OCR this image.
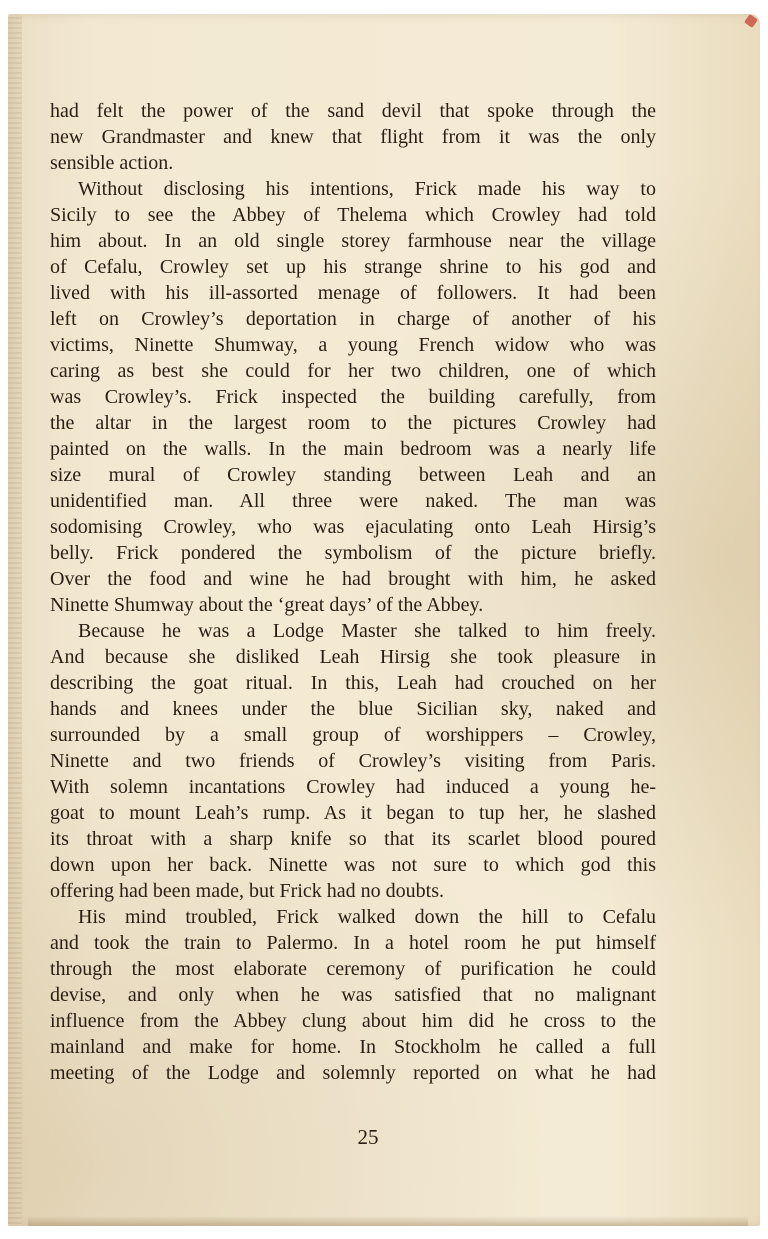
had felt the power of the sand devil that spoke through the
new Grandmaster and knew that flight from it was the only
sensible action.
Without disclosing his intentions, Frick made his way to
Sicily to see the Abbey of Thelema which Crowley had told
him about. In an old single storey farmhouse near the village
of Cefalu, Crowley set up his strange shrine to his god and
lived with his ill-assorted menage of followers. It had been
left on Crowley’s deportation in charge of another of his
victims, Ninette Shumway, a young French widow who was
caring as best she could for her two children, one of which
was Crowley’s. Frick inspected the building carefully, from
the altar in the largest room to the pictures Crowley had
painted on the walls. In the main bedroom was a nearly life
size mural of Crowley standing between Leah and an
unidentified man. All three were naked. The man was
sodomising Crowley, who was ejaculating onto Leah Hirsig’s
belly. Frick pondered the symbolism of the picture briefly.
Over the food and wine he had brought with him, he asked
Ninette Shumway about the ‘great days’ of the Abbey.
Because he was a Lodge Master she talked to him freely.
And because she disliked Leah Hirsig she took pleasure in
describing the goat ritual. In this, Leah had crouched on her
hands and knees under the blue Sicilian sky, naked and
surrounded by a small group of worshippers – Crowley,
Ninette and two friends of Crowley’s visiting from Paris.
With solemn incantations Crowley had induced a young he-
goat to mount Leah’s rump. As it began to tup her, he slashed
its throat with a sharp knife so that its scarlet blood poured
down upon her back. Ninette was not sure to which god this
offering had been made, but Frick had no doubts.
His mind troubled, Frick walked down the hill to Cefalu
and took the train to Palermo. In a hotel room he put himself
through the most elaborate ceremony of purification he could
devise, and only when he was satisfied that no malignant
influence from the Abbey clung about him did he cross to the
mainland and make for home. In Stockholm he called a full
meeting of the Lodge and solemnly reported on what he had
25
